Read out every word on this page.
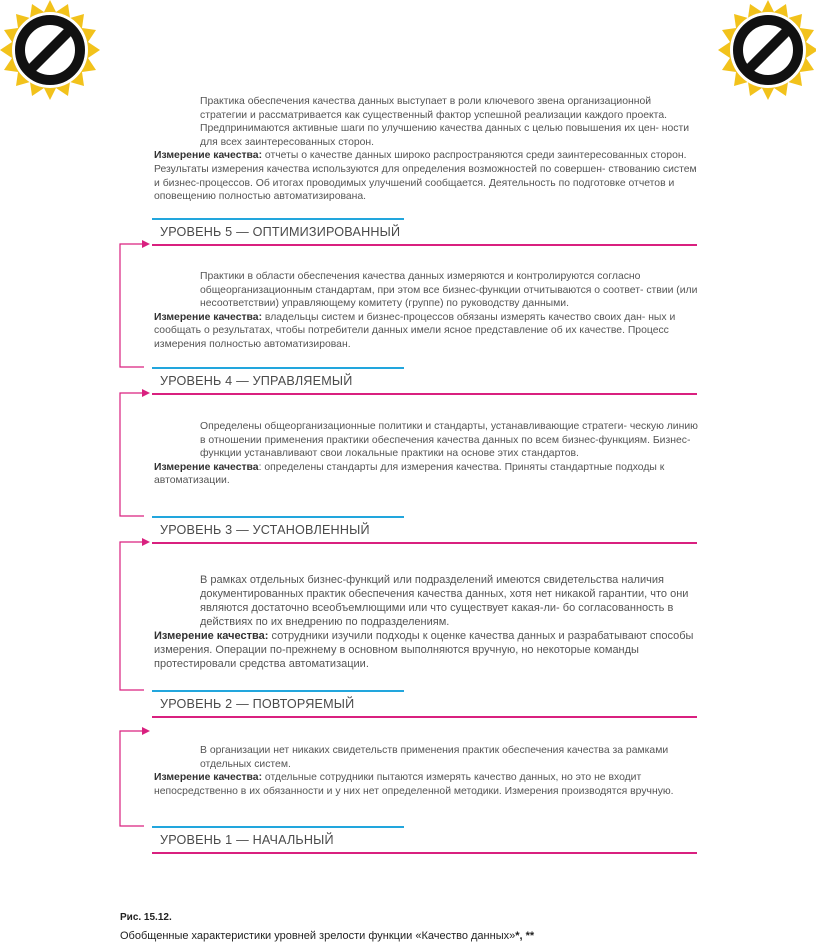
Практика обеспечения качества данных выступает в роли ключевого звена организационной стратегии и рассматривается как существенный фактор успешной реализации каждого проекта. Предпринимаются активные шаги по улучшению качества данных с целью повышения их цен- ности для всех заинтересованных сторон.
Измерение качества: отчеты о качестве данных широко распространяются среди заинтересованных сторон. Результаты измерения качества используются для определения возможностей по совершен- ствованию систем и бизнес-процессов. Об итогах проводимых улучшений сообщается. Деятельность по подготовке отчетов и оповещению полностью автоматизирована.
УРОВЕНЬ 5 — ОПТИМИЗИРОВАННЫЙ
Практики в области обеспечения качества данных измеряются и контролируются согласно общеорганизационным стандартам, при этом все бизнес-функции отчитываются о соответ- ствии (или несоответствии) управляющему комитету (группе) по руководству данными.
Измерение качества: владельцы систем и бизнес-процессов обязаны измерять качество своих дан- ных и сообщать о результатах, чтобы потребители данных имели ясное представление об их качестве. Процесс измерения полностью автоматизирован.
УРОВЕНЬ 4 — УПРАВЛЯЕМЫЙ
Определены общеорганизационные политики и стандарты, устанавливающие стратеги- ческую линию в отношении применения практики обеспечения качества данных по всем бизнес-функциям. Бизнес-функции устанавливают свои локальные практики на основе этих стандартов.
Измерение качества: определены стандарты для измерения качества. Приняты стандартные подходы к автоматизации.
УРОВЕНЬ 3 — УСТАНОВЛЕННЫЙ
В рамках отдельных бизнес-функций или подразделений имеются свидетельства наличия документированных практик обеспечения качества данных, хотя нет никакой гарантии, что они являются достаточно всеобъемлющими или что существует какая-ли- бо согласованность в действиях по их внедрению по подразделениям.
Измерение качества: сотрудники изучили подходы к оценке качества данных и разрабатывают способы измерения. Операции по-прежнему в основном выполняются вручную, но некоторые команды протестировали средства автоматизации.
УРОВЕНЬ 2 — ПОВТОРЯЕМЫЙ
В организации нет никаких свидетельств применения практик обеспечения качества за рамками отдельных систем.
Измерение качества: отдельные сотрудники пытаются измерять качество данных, но это не входит непосредственно в их обязанности и у них нет определенной методики. Измерения производятся вручную.
УРОВЕНЬ 1 — НАЧАЛЬНЫЙ
Рис. 15.12.
Обобщенные характеристики уровней зрелости функции «Качество данных»*, **
